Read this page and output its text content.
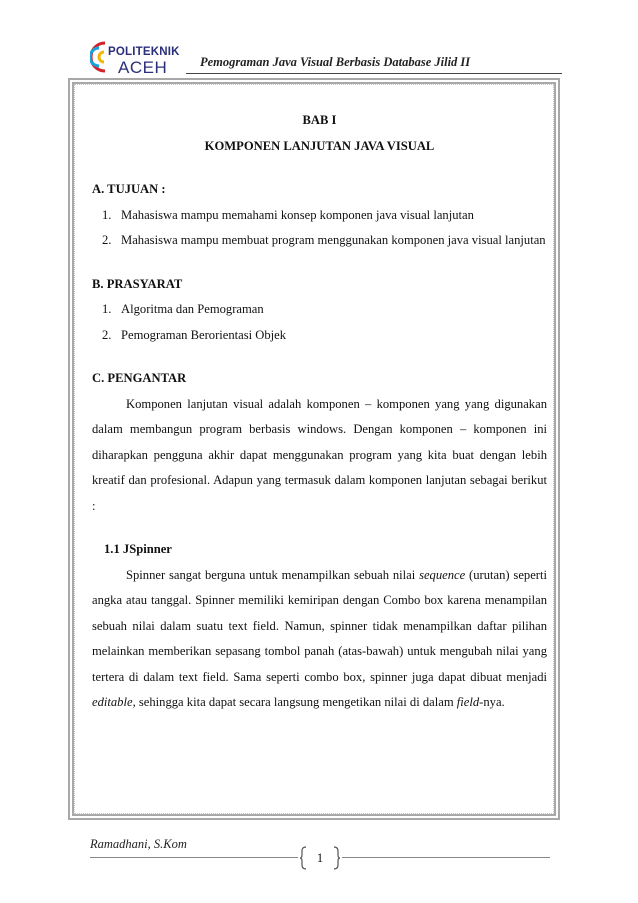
POLITEKNIK
ACEH	Pemograman Java Visual Berbasis Database Jilid II
BAB I
KOMPONEN LANJUTAN JAVA VISUAL
A. TUJUAN :
1. Mahasiswa mampu memahami konsep komponen java visual lanjutan
2. Mahasiswa mampu membuat program menggunakan komponen java visual lanjutan
B. PRASYARAT
1. Algoritma dan Pemograman
2. Pemograman Berorientasi Objek
C. PENGANTAR

Komponen lanjutan visual adalah komponen – komponen yang yang digunakan dalam membangun program berbasis windows. Dengan komponen – komponen ini diharapkan pengguna akhir dapat menggunakan program yang kita buat dengan lebih kreatif dan profesional. Adapun yang termasuk dalam komponen lanjutan sebagai berikut :

1.1 JSpinner

Spinner sangat berguna untuk menampilkan sebuah nilai sequence (urutan) seperti angka atau tanggal. Spinner memiliki kemiripan dengan Combo box karena menampilan sebuah nilai dalam suatu text field. Namun, spinner tidak menampilkan daftar pilihan melainkan memberikan sepasang tombol panah (atas-bawah) untuk mengubah nilai yang tertera di dalam text field. Sama seperti combo box, spinner juga dapat dibuat menjadi editable, sehingga kita dapat secara langsung mengetikan nilai di dalam field-nya.

Ramadhani, S.Kom
1
